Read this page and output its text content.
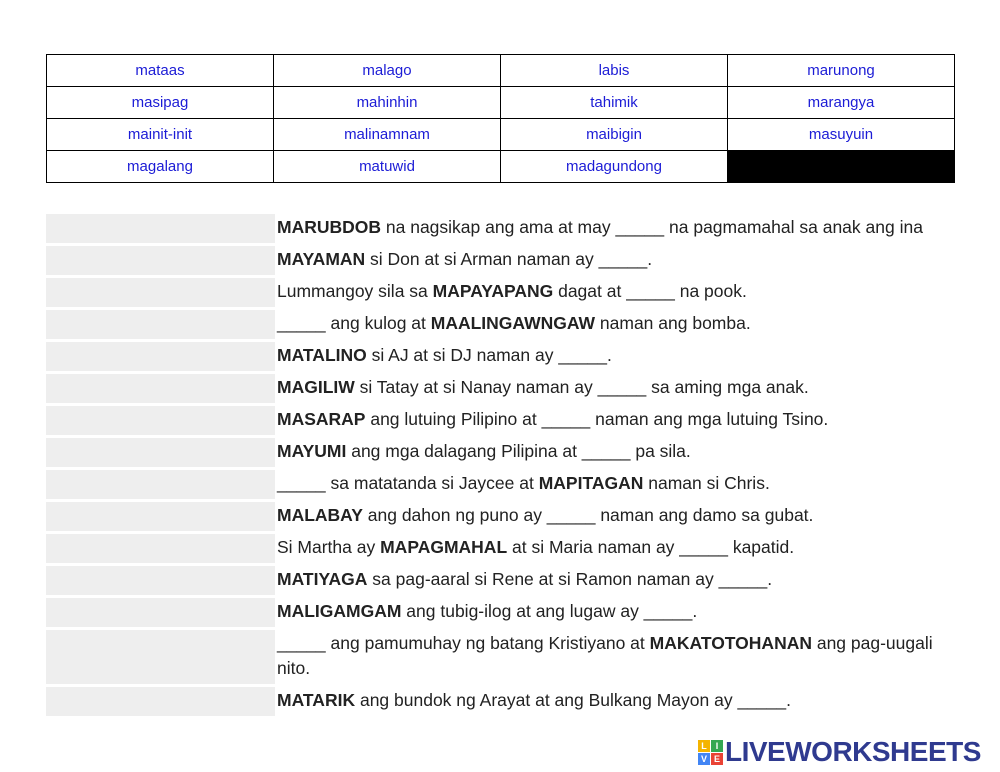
mataas	malago	labis	marunong
masipag	mahinhin	tahimik	marangya
mainit-init	malinamnam	maibigin	masuyuin
magalang	matuwid	madagundong	
MARUBDOB na nagsikap ang ama at may _____ na pagmamahal sa anak ang ina
MAYAMAN si Don at si Arman naman ay _____.
Lummangoy sila sa MAPAYAPANG dagat at _____ na pook.
_____ ang kulog at MAALINGAWNGAW naman ang bomba.
MATALINO si AJ at si DJ naman ay _____.
MAGILIW si Tatay at si Nanay naman ay _____ sa aming mga anak.
MASARAP ang lutuing Pilipino at _____ naman ang mga lutuing Tsino.
MAYUMI ang mga dalagang Pilipina at _____ pa sila.
_____ sa matatanda si Jaycee at MAPITAGAN naman si Chris.
MALABAY ang dahon ng puno ay _____ naman ang damo sa gubat.
Si Martha ay MAPAGMAHAL at si Maria naman ay _____ kapatid.
MATIYAGA sa pag-aaral si Rene at si Ramon naman ay _____.
MALIGAMGAM ang tubig-ilog at ang lugaw ay _____.
_____ ang pamumuhay ng batang Kristiyano at MAKATOTOHANAN ang pag-uugali nito.
MATARIK ang bundok ng Arayat at ang Bulkang Mayon ay _____.
L I
V E LIVEWORKSHEETS
